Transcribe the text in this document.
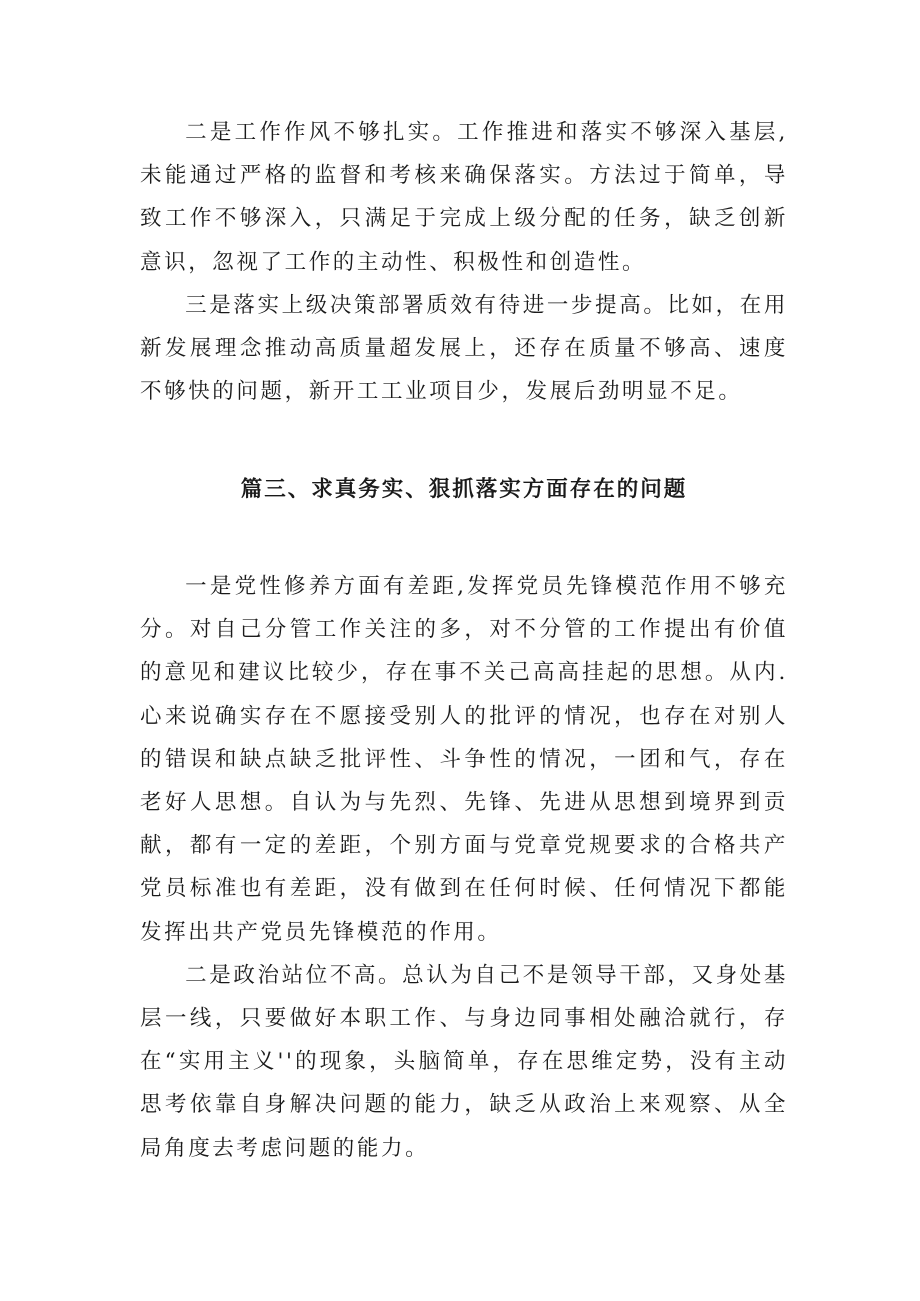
二是工作作风不够扎实。工作推进和落实不够深入基层,未能通过严格的监督和考核来确保落实。方法过于简单，导致工作不够深入，只满足于完成上级分配的任务，缺乏创新意识，忽视了工作的主动性、积极性和创造性。

三是落实上级决策部署质效有待进一步提高。比如，在用新发展理念推动高质量超发展上，还存在质量不够高、速度不够快的问题，新开工工业项目少，发展后劲明显不足。

篇三、求真务实、狠抓落实方面存在的问题

一是党性修养方面有差距,发挥党员先锋模范作用不够充分。对自己分管工作关注的多，对不分管的工作提出有价值的意见和建议比较少，存在事不关己高高挂起的思想。从内.心来说确实存在不愿接受别人的批评的情况，也存在对别人的错误和缺点缺乏批评性、斗争性的情况，一团和气，存在老好人思想。自认为与先烈、先锋、先进从思想到境界到贡献，都有一定的差距，个别方面与党章党规要求的合格共产党员标准也有差距，没有做到在任何时候、任何情况下都能发挥出共产党员先锋模范的作用。

二是政治站位不高。总认为自己不是领导干部，又身处基层一线，只要做好本职工作、与身边同事相处融洽就行，存在“实用主义''的现象，头脑简单，存在思维定势，没有主动思考依靠自身解决问题的能力，缺乏从政治上来观察、从全局角度去考虑问题的能力。
